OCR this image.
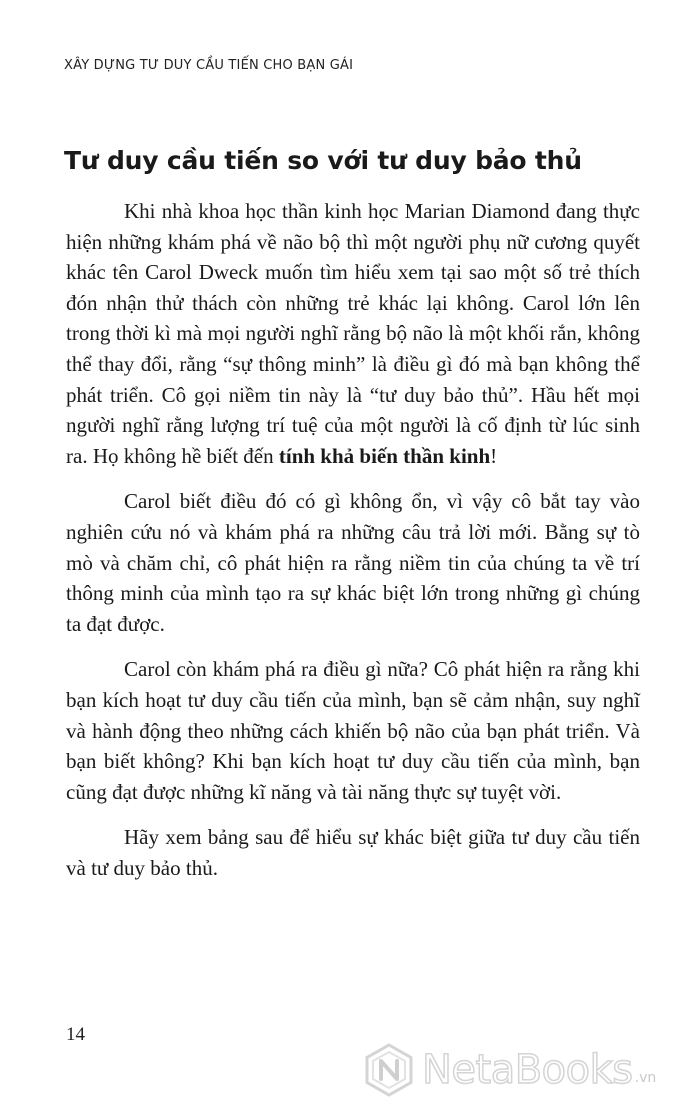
XÂY DỰNG TƯ DUY CẦU TIẾN CHO BẠN GÁI
Tư duy cầu tiến so với tư duy bảo thủ

Khi nhà khoa học thần kinh học Marian Diamond đang thực hiện những khám phá về não bộ thì một người phụ nữ cương quyết khác tên Carol Dweck muốn tìm hiểu xem tại sao một số trẻ thích đón nhận thử thách còn những trẻ khác lại không. Carol lớn lên trong thời kì mà mọi người nghĩ rằng bộ não là một khối rắn, không thể thay đổi, rằng “sự thông minh” là điều gì đó mà bạn không thể phát triển. Cô gọi niềm tin này là “tư duy bảo thủ”. Hầu hết mọi người nghĩ rằng lượng trí tuệ của một người là cố định từ lúc sinh ra. Họ không hề biết đến tính khả biến thần kinh!

Carol biết điều đó có gì không ổn, vì vậy cô bắt tay vào nghiên cứu nó và khám phá ra những câu trả lời mới. Bằng sự tò mò và chăm chỉ, cô phát hiện ra rằng niềm tin của chúng ta về trí thông minh của mình tạo ra sự khác biệt lớn trong những gì chúng ta đạt được.

Carol còn khám phá ra điều gì nữa? Cô phát hiện ra rằng khi bạn kích hoạt tư duy cầu tiến của mình, bạn sẽ cảm nhận, suy nghĩ và hành động theo những cách khiến bộ não của bạn phát triển. Và bạn biết không? Khi bạn kích hoạt tư duy cầu tiến của mình, bạn cũng đạt được những kĩ năng và tài năng thực sự tuyệt vời.

Hãy xem bảng sau để hiểu sự khác biệt giữa tư duy cầu tiến và tư duy bảo thủ.

14
NetaBooks .vn
